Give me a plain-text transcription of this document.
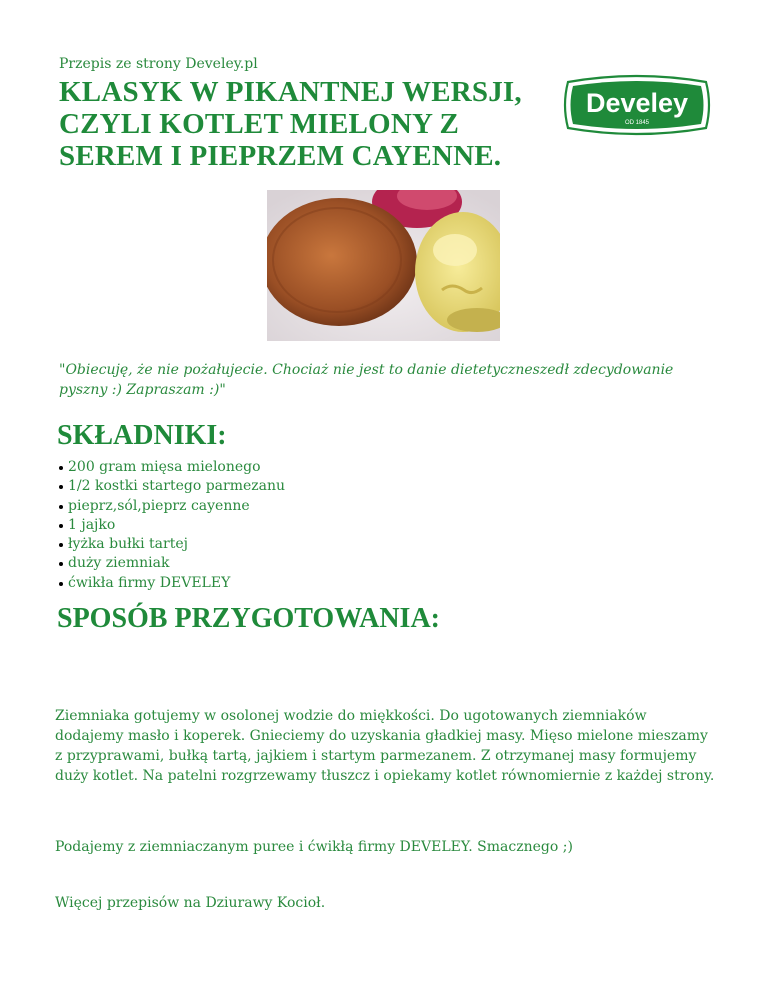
Przepis ze strony Develey.pl
KLASYK W PIKANTNEJ WERSJI,
CZYLI KOTLET MIELONY Z
SEREM I PIEPRZEM CAYENNE.
Develey
OD 1845

"Obiecuję, że nie pożałujecie. Chociaż nie jest to danie dietetyczneszedł zdecydowanie pyszny :) Zapraszam :)"

SKŁADNIKI:
200 gram mięsa mielonego
1/2 kostki startego parmezanu
pieprz,sól,pieprz cayenne
1 jajko
łyżka bułki tartej
duży ziemniak
ćwikła firmy DEVELEY
SPOSÓB PRZYGOTOWANIA:

Ziemniaka gotujemy w osolonej wodzie do miękkości. Do ugotowanych ziemniaków dodajemy masło i koperek. Gnieciemy do uzyskania gładkiej masy. Mięso mielone mieszamy z przyprawami, bułką tartą, jajkiem i startym parmezanem. Z otrzymanej masy formujemy duży kotlet. Na patelni rozgrzewamy tłuszcz i opiekamy kotlet równomiernie z każdej strony.

Podajemy z ziemniaczanym puree i ćwikłą firmy DEVELEY. Smacznego ;)

Więcej przepisów na Dziurawy Kocioł.
